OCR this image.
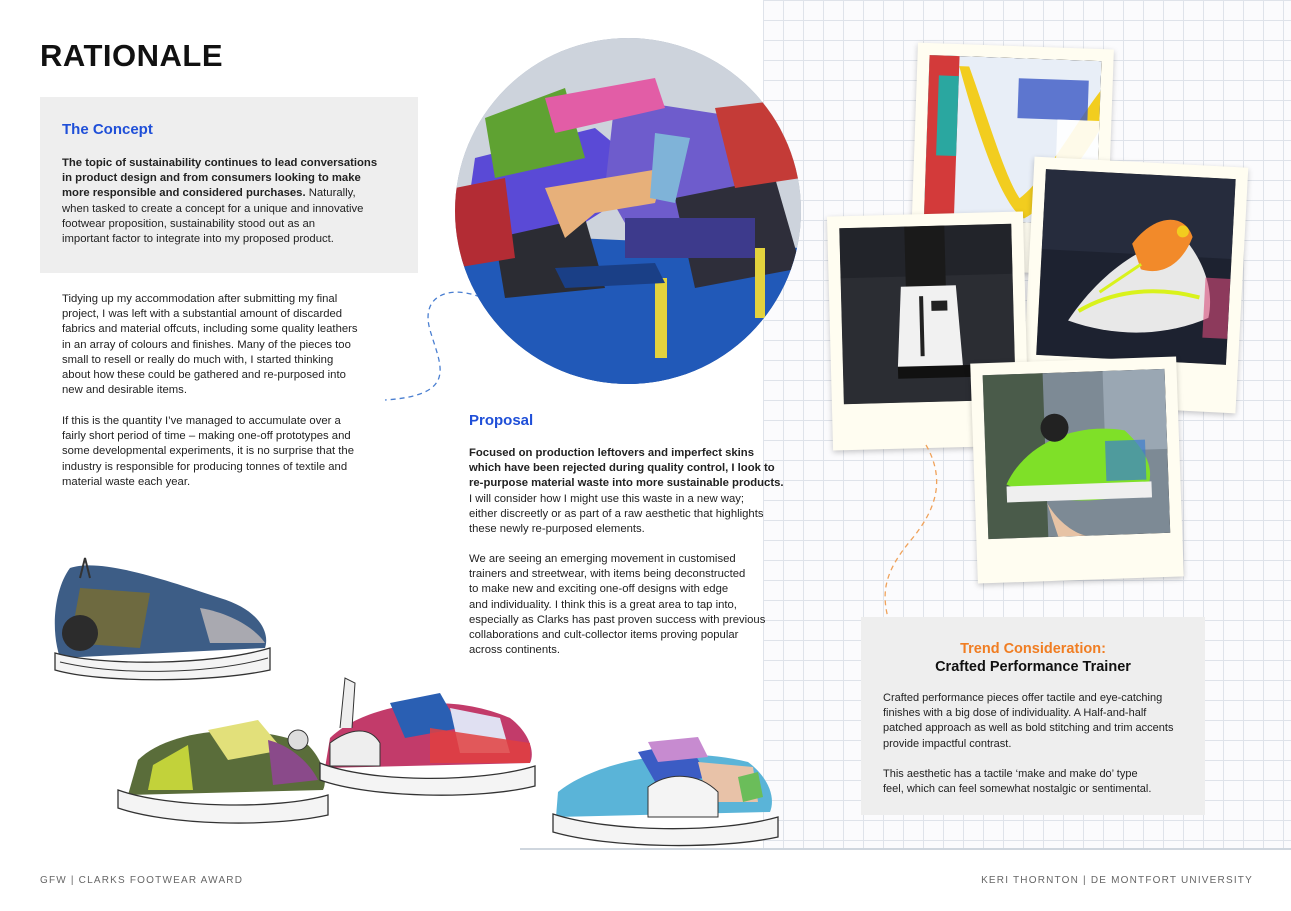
RATIONALE
The Concept
The topic of sustainability continues to lead conversations
in product design and from consumers looking to make
more responsible and considered purchases. Naturally,
when tasked to create a concept for a unique and innovative
footwear proposition, sustainability stood out as an
important factor to integrate into my proposed product.
Tidying up my accommodation after submitting my final
project, I was left with a substantial amount of discarded
fabrics and material offcuts, including some quality leathers
in an array of colours and finishes. Many of the pieces too
small to resell or really do much with, I started thinking
about how these could be gathered and re-purposed into
new and desirable items.
If this is the quantity I’ve managed to accumulate over a
fairly short period of time – making one-off prototypes and
some developmental experiments, it is no surprise that the
industry is responsible for producing tonnes of textile and
material waste each year.
Proposal
Focused on production leftovers and imperfect skins
which have been rejected during quality control, I look to
re-purpose material waste into more sustainable products.
I will consider how I might use this waste in a new way;
either discreetly or as part of a raw aesthetic that highlights
these newly re-purposed elements.
We are seeing an emerging movement in customised
trainers and streetwear, with items being deconstructed
to make new and exciting one-off designs with edge
and individuality. I think this is a great area to tap into,
especially as Clarks has past proven success with previous
collaborations and cult-collector items proving popular
across continents.	Trend Consideration:
Crafted Performance Trainer
Crafted performance pieces offer tactile and eye-catching
finishes with a big dose of individuality. A Half-and-half
patched approach as well as bold stitching and trim accents
provide impactful contrast.
This aesthetic has a tactile ‘make and make do’ type
feel, which can feel somewhat nostalgic or sentimental.
GFW | CLARKS FOOTWEAR AWARD	KERI THORNTON | DE MONTFORT UNIVERSITY
